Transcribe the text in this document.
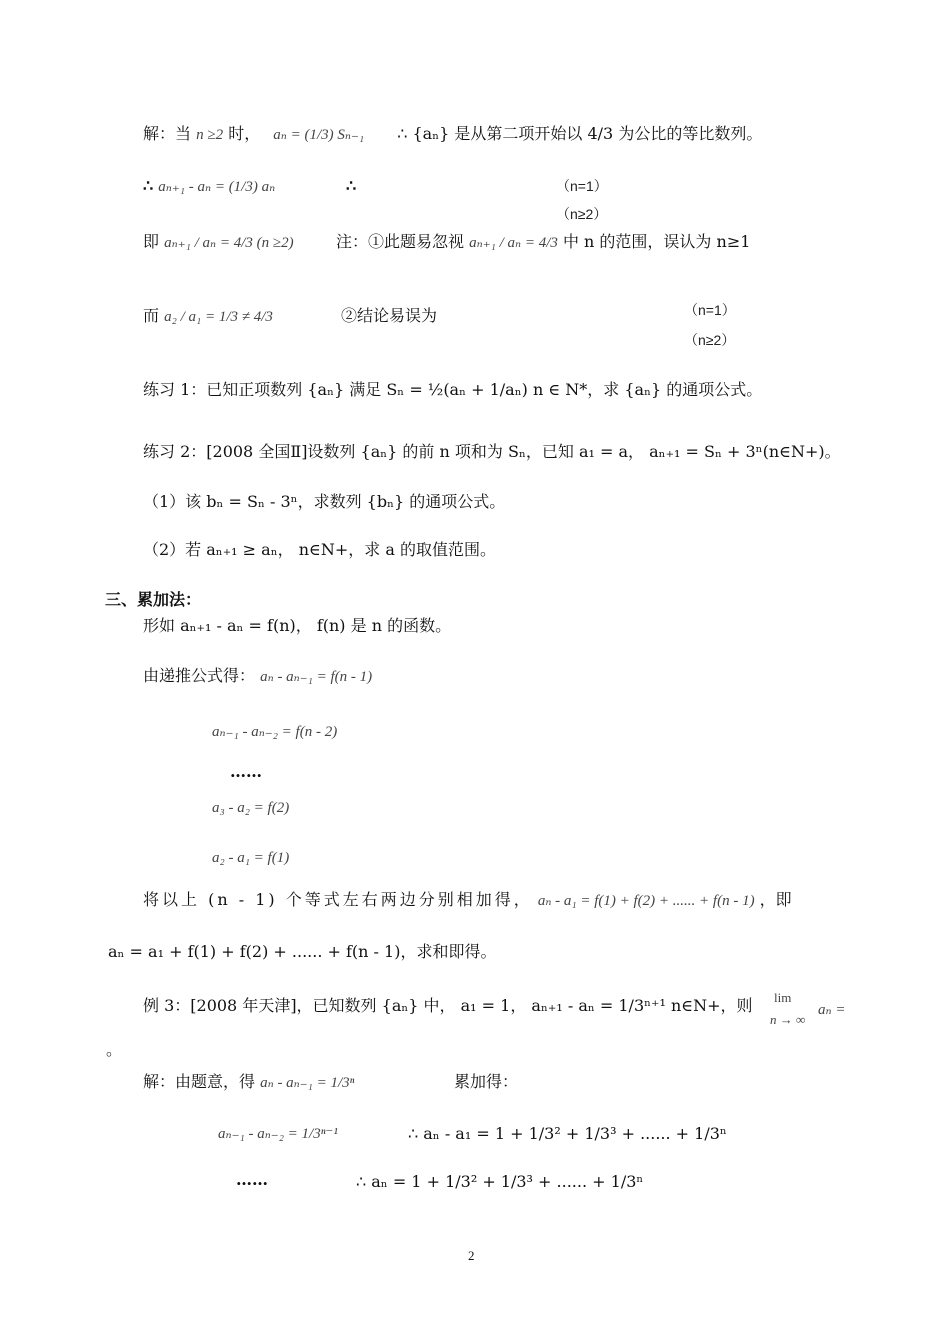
解：当 n ≥2 时， aₙ = (1/3) Sₙ₋₁ ∴ {aₙ} 是从第二项开始以 4/3 为公比的等比数列。
∴ aₙ₊₁ - aₙ = (1/3) aₙ	∴	（n=1）
（n≥2）
即 aₙ₊₁ / aₙ = 4/3 (n ≥2)	注：①此题易忽视 aₙ₊₁ / aₙ = 4/3 中 n 的范围，误认为 n≥1
而 a₂ / a₁ = 1/3 ≠ 4/3	②结论易误为	（n=1）
（n≥2）
练习 1：已知正项数列 {aₙ} 满足 Sₙ = ½(aₙ + 1/aₙ) n ∈ N*，求 {aₙ} 的通项公式。
练习 2：[2008 全国Ⅱ]设数列 {aₙ} 的前 n 项和为 Sₙ，已知 a₁ = a， aₙ₊₁ = Sₙ + 3ⁿ(n∈N+)。
（1）该 bₙ = Sₙ - 3ⁿ，求数列 {bₙ} 的通项公式。
（2）若 aₙ₊₁ ≥ aₙ， n∈N+，求 a 的取值范围。
三、累加法：
形如 aₙ₊₁ - aₙ = f(n)， f(n) 是 n 的函数。
由递推公式得： aₙ - aₙ₋₁ = f(n - 1)
aₙ₋₁ - aₙ₋₂ = f(n - 2)
……
a₃ - a₂ = f(2)
a₂ - a₁ = f(1)
将以上 (n - 1) 个等式左右两边分别相加得， aₙ - a₁ = f(1) + f(2) + ...... + f(n - 1) ，即
aₙ = a₁ + f(1) + f(2) + ...... + f(n - 1)，求和即得。
例 3：[2008 年天津]，已知数列 {aₙ} 中， a₁ = 1， aₙ₊₁ - aₙ = 1/3ⁿ⁺¹ n∈N+，则 lim
n → ∞
aₙ =
。
解：由题意，得 aₙ - aₙ₋₁ = 1/3ⁿ	累加得：
aₙ₋₁ - aₙ₋₂ = 1/3ⁿ⁻¹	∴ aₙ - a₁ = 1 + 1/3² + 1/3³ + ...... + 1/3ⁿ
……	∴ aₙ = 1 + 1/3² + 1/3³ + ...... + 1/3ⁿ
2
